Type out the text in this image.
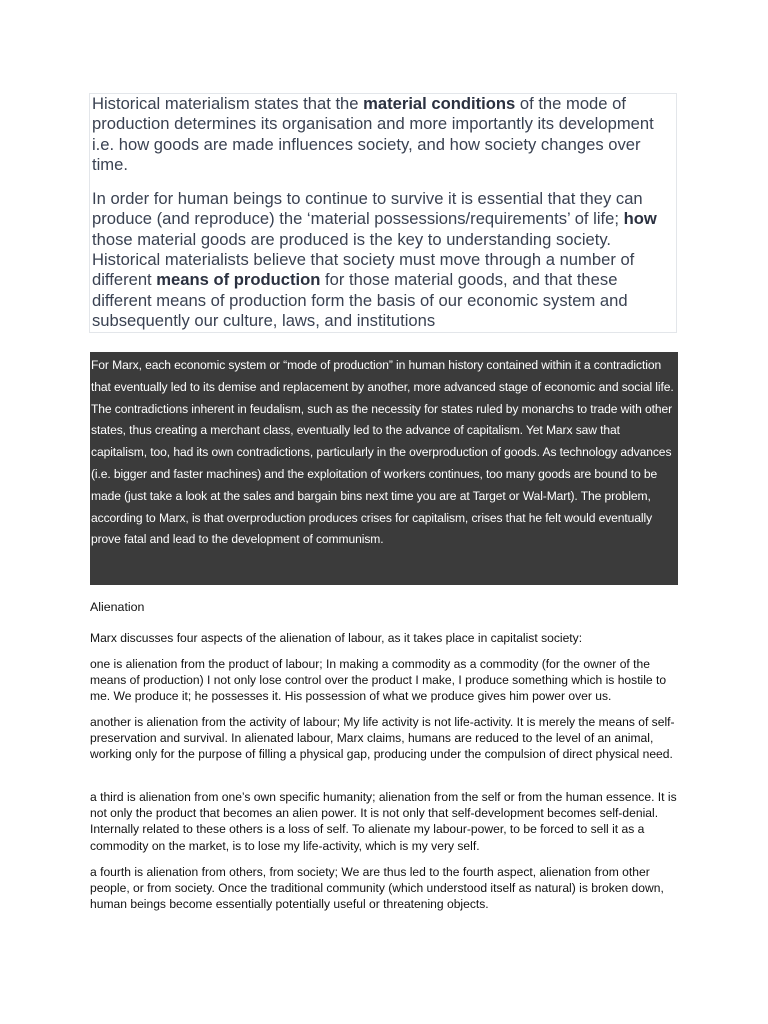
Historical materialism states that the material conditions of the mode of production determines its organisation and more importantly its development i.e. how goods are made influences society, and how society changes over time.

In order for human beings to continue to survive it is essential that they can produce (and reproduce) the ‘material possessions/requirements’ of life; how those material goods are produced is the key to understanding society. Historical materialists believe that society must move through a number of different means of production for those material goods, and that these different means of production form the basis of our economic system and subsequently our culture, laws, and institutions

For Marx, each economic system or “mode of production” in human history contained within it a contradiction that eventually led to its demise and replacement by another, more advanced stage of economic and social life. The contradictions inherent in feudalism, such as the necessity for states ruled by monarchs to trade with other states, thus creating a merchant class, eventually led to the advance of capitalism. Yet Marx saw that capitalism, too, had its own contradictions, particularly in the overproduction of goods. As technology advances (i.e. bigger and faster machines) and the exploitation of workers continues, too many goods are bound to be made (just take a look at the sales and bargain bins next time you are at Target or Wal-Mart). The problem, according to Marx, is that overproduction produces crises for capitalism, crises that he felt would eventually prove fatal and lead to the development of communism.
Alienation

Marx discusses four aspects of the alienation of labour, as it takes place in capitalist society:

one is alienation from the product of labour; In making a commodity as a commodity (for the owner of the means of production) I not only lose control over the product I make, I produce something which is hostile to me. We produce it; he possesses it. His possession of what we produce gives him power over us.

another is alienation from the activity of labour; My life activity is not life-activity. It is merely the means of self-preservation and survival. In alienated labour, Marx claims, humans are reduced to the level of an animal, working only for the purpose of filling a physical gap, producing under the compulsion of direct physical need.

a third is alienation from one’s own specific humanity; alienation from the self or from the human essence. It is not only the product that becomes an alien power. It is not only that self-development becomes self-denial. Internally related to these others is a loss of self. To alienate my labour-power, to be forced to sell it as a commodity on the market, is to lose my life-activity, which is my very self.

a fourth is alienation from others, from society; We are thus led to the fourth aspect, alienation from other people, or from society. Once the traditional community (which understood itself as natural) is broken down, human beings become essentially potentially useful or threatening objects.
